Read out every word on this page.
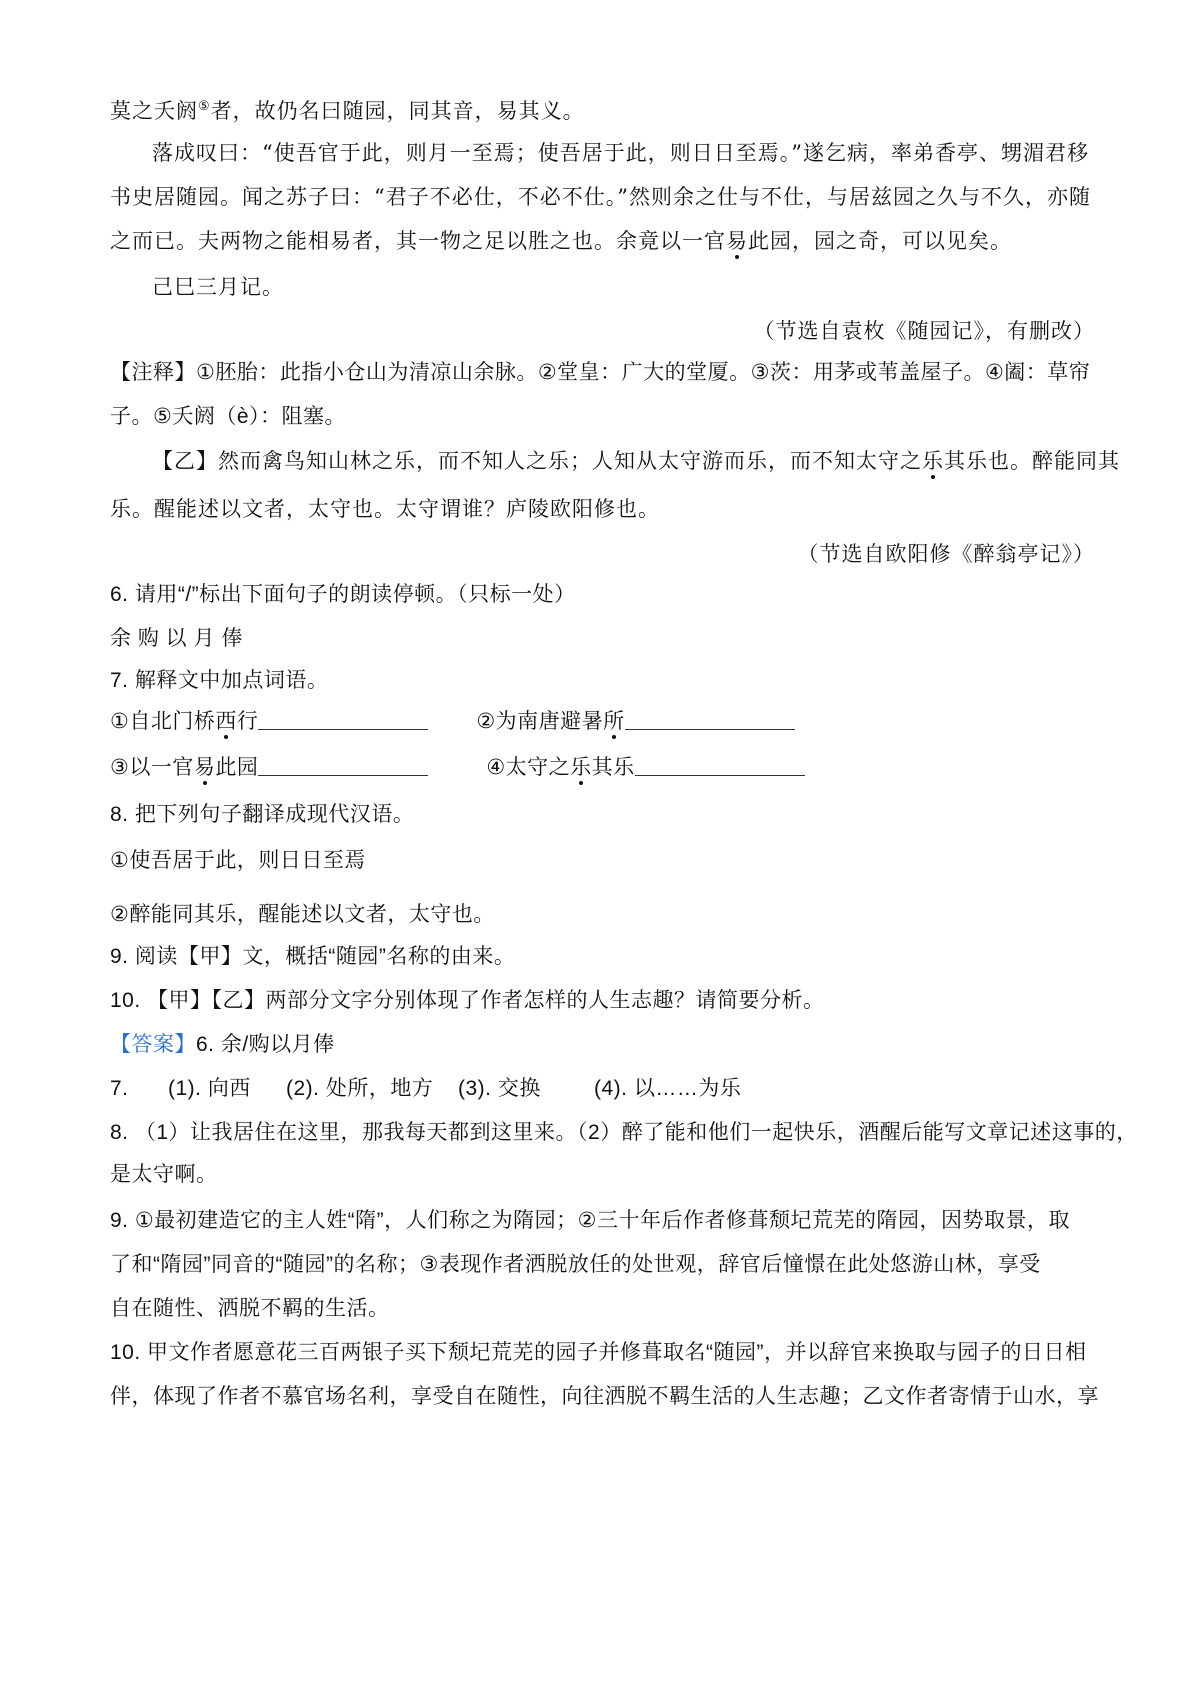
莫之夭阏⑤者，故仍名曰随园，同其音，易其义。
落成叹曰：“使吾官于此，则月一至焉；使吾居于此，则日日至焉。”遂乞病，率弟香亭、甥湄君移
书史居随园。闻之苏子曰：“君子不必仕，不必不仕。”然则余之仕与不仕，与居兹园之久与不久，亦随
之而已。夫两物之能相易者，其一物之足以胜之也。余竟以一官易此园，园之奇，可以见矣。
己巳三月记。
（节选自袁枚《随园记》，有删改）
【注释】①胚胎：此指小仓山为清凉山余脉。②堂皇：广大的堂厦。③茨：用茅或苇盖屋子。④阖：草帘
子。⑤夭阏（è）：阻塞。
【乙】然而禽鸟知山林之乐，而不知人之乐；人知从太守游而乐，而不知太守之乐其乐也。醉能同其
乐。醒能述以文者，太守也。太守谓谁？庐陵欧阳修也。
（节选自欧阳修《醉翁亭记》）
6. 请用“/”标出下面句子的朗读停顿。（只标一处）
余 购 以 月 俸
7. 解释文中加点词语。
①自北门桥西行	②为南唐避暑所
③以一官易此园	④太守之乐其乐
8. 把下列句子翻译成现代汉语。
①使吾居于此，则日日至焉
②醉能同其乐，醒能述以文者，太守也。
9. 阅读【甲】文，概括“随园”名称的由来。
10. 【甲】【乙】两部分文字分别体现了作者怎样的人生志趣？请简要分析。
【答案】6. 余/购以月俸
7. (1). 向西 (2). 处所，地方 (3). 交换	(4). 以……为乐
8. （1）让我居住在这里，那我每天都到这里来。（2）醉了能和他们一起快乐，酒醒后能写文章记述这事的，
是太守啊。
9. ①最初建造它的主人姓“隋”，人们称之为隋园；②三十年后作者修葺颓圮荒芜的隋园，因势取景，取
了和“隋园”同音的“随园”的名称；③表现作者洒脱放任的处世观，辞官后憧憬在此处悠游山林，享受
自在随性、洒脱不羁的生活。
10. 甲文作者愿意花三百两银子买下颓圮荒芜的园子并修葺取名“随园”，并以辞官来换取与园子的日日相
伴，体现了作者不慕官场名利，享受自在随性，向往洒脱不羁生活的人生志趣；乙文作者寄情于山水，享
